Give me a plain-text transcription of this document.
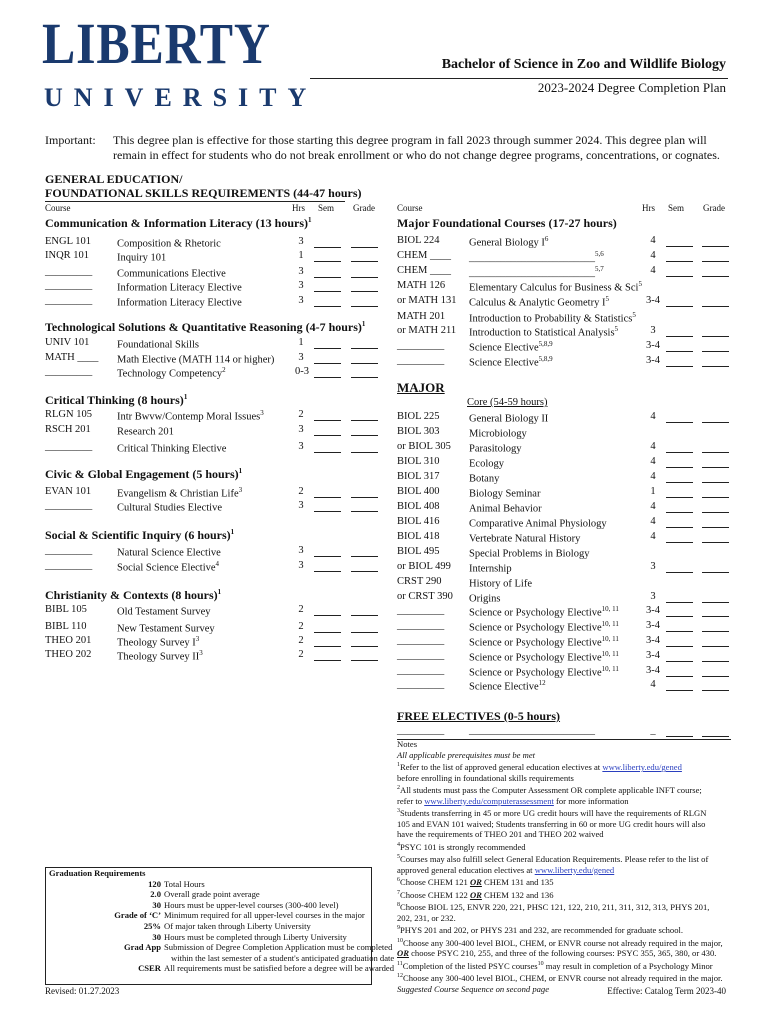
LIBERTY
UNIVERSITY
Bachelor of Science in Zoo and Wildlife Biology
2023-2024 Degree Completion Plan
Important: This degree plan is effective for those starting this degree program in fall 2023 through summer 2024. This degree plan will remain in effect for students who do not break enrollment or who do not change degree programs, concentrations, or cognates.
GENERAL EDUCATION/
FOUNDATIONAL SKILLS REQUIREMENTS (44-47 hours)
Course	Hrs Sem Grade Course	Hrs Sem Grade
Communication & Information Literacy (13 hours)$^1$
ENGL 101 Composition & Rhetoric	3
INQR 101	Inquiry 101	1
_________ Communications Elective	3
_________ Information Literacy Elective	3
_________ Information Literacy Elective	3
Technological Solutions & Quantitative Reasoning (4-7 hours)$^1$
UNIV 101	Foundational Skills	1
MATH ____ Math Elective (MATH 114 or higher)	3
_________ Technology Competency$^2$	0-3
Critical Thinking (8 hours)$^1$
RLGN 105 Intr Bwvw/Contemp Moral Issues$^3$	2
RSCH 201 Research 201	3
_________ Critical Thinking Elective	3
Civic & Global Engagement (5 hours)$^1$
EVAN 101 Evangelism & Christian Life$^3$	2
_________ Cultural Studies Elective	3
Social & Scientific Inquiry (6 hours)$^1$
_________ Natural Science Elective	3
_________ Social Science Elective$^4$	3
Christianity & Contexts (8 hours)$^1$
BIBL 105	Old Testament Survey	2
BIBL 110	New Testament Survey	2
THEO 201 Theology Survey $I^3$	2
THEO 202 Theology Survey $II^3$	2
Major Foundational Courses (17-27 hours)
BIOL 224	General Biology $I^6$	4
CHEM ____ ________________________$^{5,6}$	4
CHEM ____ ________________________$^{5,7}$	4
MATH 126 Elementary Calculus for Business & Sci$^5$
or MATH 131 Calculus & Analytic Geometry $I^5$	3-4
MATH 201 Introduction to Probability & Statistics$^5$
or MATH 211 Introduction to Statistical Analysis$^5$	3
_________ Science Elective$^{5,8,9}$	3-4
_________ Science Elective$^{5,8,9}$	3-4
BIOL 225	General Biology II	4
BIOL 303	Microbiology
or BIOL 305 Parasitology	4
BIOL 310	Ecology	4
BIOL 317	Botany	4
BIOL 400	Biology Seminar	1
BIOL 408	Animal Behavior	4
BIOL 416	Comparative Animal Physiology	4
BIOL 418	Vertebrate Natural History	4
BIOL 495	Special Problems in Biology
or BIOL 499 Internship	3
CRST 290	History of Life
or CRST 390 Origins	3
_________ Science or Psychology Elective$^{10, 11}$	3-4
_________ Science or Psychology Elective$^{10, 11}$	3-4
_________ Science or Psychology Elective$^{10, 11}$	3-4
_________ Science or Psychology Elective$^{10, 11}$	3-4
_________ Science or Psychology Elective$^{10, 11}$	3-4
_________ Science Elective$^{12}$	4
MAJOR
Core (54-59 hours)
FREE ELECTIVES (0-5 hours)
_________ ________________________	_
Notes
All applicable prerequisites must be met
$^1$Refer to the list of approved general education electives at www.liberty.edu/gened
before enrolling in foundational skills requirements
$^2$All students must pass the Computer Assessment OR complete applicable INFT course;
refer to www.liberty.edu/computerassessment for more information
$^3$Students transferring in 45 or more UG credit hours will have the requirements of RLGN
105 and EVAN 101 waived; Students transferring in 60 or more UG credit hours will also
have the requirements of THEO 201 and THEO 202 waived
$^4$PSYC 101 is strongly recommended
$^5$Courses may also fulfill select General Education Requirements. Please refer to the list of
approved general education electives at www.liberty.edu/gened
$^6$Choose CHEM 121 OR CHEM 131 and 135
$^7$Choose CHEM 122 OR CHEM 132 and 136
$^8$Choose BIOL 125, ENVR 220, 221, PHSC 121, 122, 210, 211, 311, 312, 313, PHYS 201,
202, 231, or 232.
$^9$PHYS 201 and 202, or PHYS 231 and 232, are recommended for graduate school.
$^{10}$Choose any 300-400 level BIOL, CHEM, or ENVR course not already required in the major,
OR choose PSYC 210, 255, and three of the following courses: PSYC 355, 365, 380, or 430.
$^{11}$Completion of the listed PSYC courses$^{10}$ may result in completion of a Psychology Minor
$^{12}$Choose any 300-400 level BIOL, CHEM, or ENVR course not already required in the major.
Suggested Course Sequence on second page
Graduation Requirements
120 Total Hours
2.0 Overall grade point average
30 Hours must be upper-level courses (300-400 level)
Grade of ‘C’ Minimum required for all upper-level courses in the major
25% Of major taken through Liberty University
30 Hours must be completed through Liberty University
Grad App Submission of Degree Completion Application must be completed
within the last semester of a student's anticipated graduation date
CSER All requirements must be satisfied before a degree will be awarded
Revised: 01.27.2023	Effective: Catalog Term 2023-40
